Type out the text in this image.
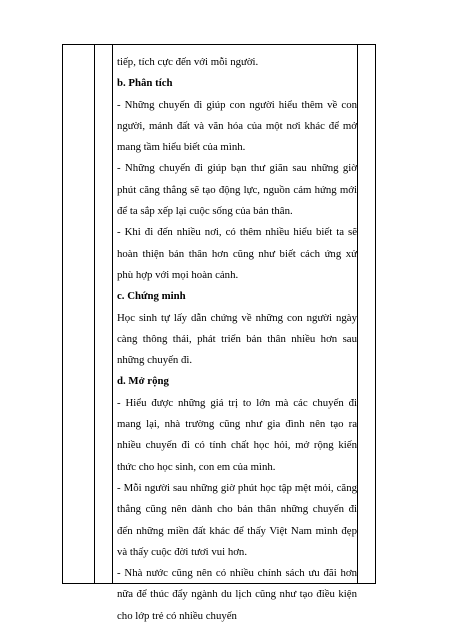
tiếp, tích cực đến với mỗi người.

b. Phân tích

- Những chuyến đi giúp con người hiểu thêm về con người, mảnh đất và văn hóa của một nơi khác để mở mang tầm hiểu biết của mình.

- Những chuyến đi giúp bạn thư giãn sau những giờ phút căng thẳng sẽ tạo động lực, nguồn cảm hứng mới để ta sắp xếp lại cuộc sống của bản thân.

- Khi đi đến nhiều nơi, có thêm nhiều hiểu biết ta sẽ hoàn thiện bản thân hơn cũng như biết cách ứng xử phù hợp với mọi hoàn cảnh.

c. Chứng minh

Học sinh tự lấy dẫn chứng về những con người ngày càng thông thái, phát triển bản thân nhiều hơn sau những chuyến đi.

d. Mở rộng

- Hiểu được những giá trị to lớn mà các chuyến đi mang lại, nhà trường cũng như gia đình nên tạo ra nhiều chuyến đi có tính chất học hỏi, mở rộng kiến thức cho học sinh, con em của mình.

- Mỗi người sau những giờ phút học tập mệt mỏi, căng thẳng cũng nên dành cho bản thân những chuyến đi đến những miền đất khác để thấy Việt Nam mình đẹp và thấy cuộc đời tươi vui hơn.

- Nhà nước cũng nên có nhiều chính sách ưu đãi hơn nữa để thúc đẩy ngành du lịch cũng như tạo điều kiện cho lớp trẻ có nhiều chuyến
